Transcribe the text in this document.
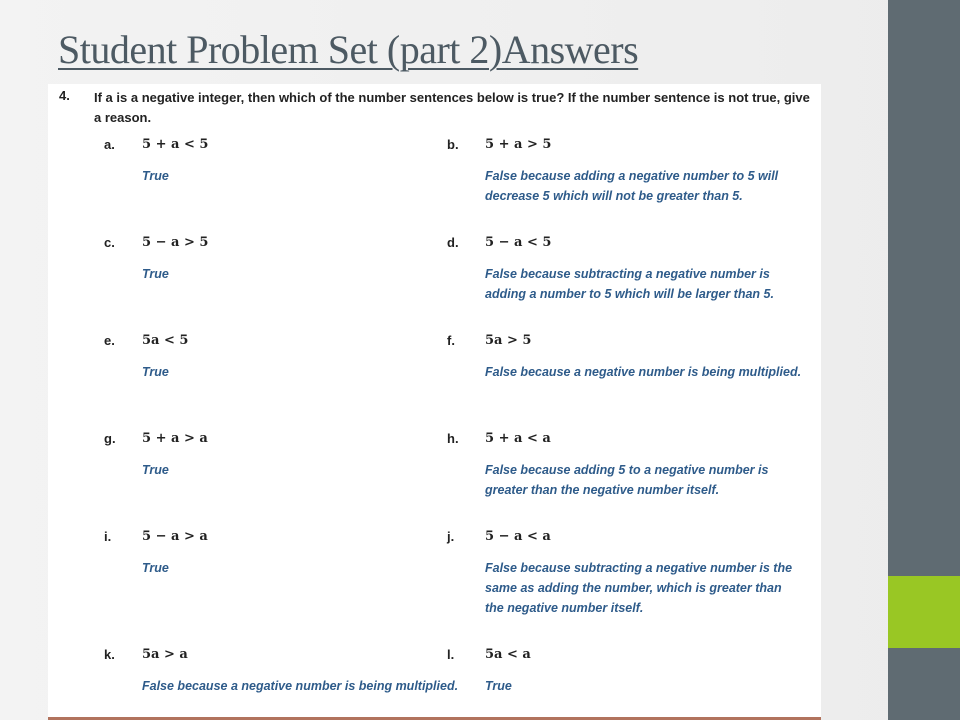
Student Problem Set (part 2)Answers
4. If a is a negative integer, then which of the number sentences below is true? If the number sentence is not true, give a reason.
a. 5 + a < 5
True
b. 5 + a > 5
False because adding a negative number to 5 will decrease 5 which will not be greater than 5.
c. 5 − a > 5
True
d. 5 − a < 5
False because subtracting a negative number is adding a number to 5 which will be larger than 5.
e. 5a < 5
True
f. 5a > 5
False because a negative number is being multiplied.
g. 5 + a > a
True
h. 5 + a < a
False because adding 5 to a negative number is greater than the negative number itself.
i. 5 − a > a
True
j. 5 − a < a
False because subtracting a negative number is the same as adding the number, which is greater than the negative number itself.
k. 5a > a
False because a negative number is being multiplied.
l. 5a < a
True
